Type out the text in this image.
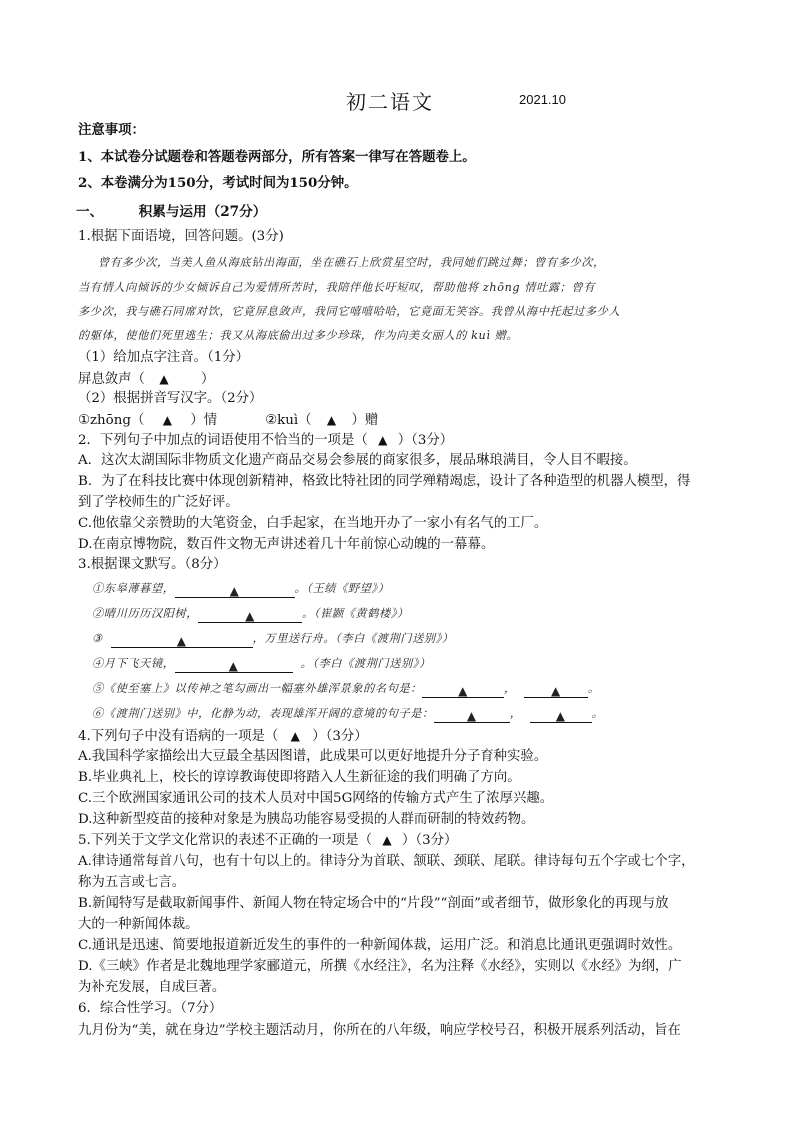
初二语文	2021.10
注意事项：
1、本试卷分试题卷和答题卷两部分，所有答案一律写在答题卷上。
2、本卷满分为150分，考试时间为150分钟。
一、	积累与运用（27分）
1.根据下面语境，回答问题。(3分)
曾有多少次，当美人鱼从海底钻出海面，坐在礁石上欣赏星空时，我同她们跳过舞；曾有多少次，
当有情人向倾诉的少女倾诉自己为爱情所苦时，我陪伴他长吁短叹，帮助他将 zhōng 情吐露；曾有
多少次，我与礁石同席对饮，它竟屏息敛声，我同它嘻嘻哈哈，它竟面无笑容。我曾从海中托起过多少人
的躯体，使他们死里逃生；我又从海底偷出过多少珍珠，作为向美女丽人的 kuì 赠。
（1）给加点字注音。（1分）
屏息敛声（ ▲ ）
（2）根据拼音写汉字。（2分）
①zhōng（ ▲ ）情	②kuì（ ▲ ）赠
2．下列句子中加点的词语使用不恰当的一项是（ ▲ ）（3分）
A．这次太湖国际非物质文化遗产商品交易会参展的商家很多，展品琳琅满目，令人目不暇接。
B．为了在科技比赛中体现创新精神，格致比特社团的同学殚精竭虑，设计了各种造型的机器人模型，得
到了学校师生的广泛好评。
C.他依靠父亲赞助的大笔资金，白手起家，在当地开办了一家小有名气的工厂。
D.在南京博物院，数百件文物无声讲述着几十年前惊心动魄的一幕幕。
3.根据课文默写。（8分）
①东皋薄暮望，	▲	。（王绩《野望》）
②晴川历历汉阳树，	▲	。（崔颢《黄鹤楼》）
③	▲	，万里送行舟。（李白《渡荆门送别》）
④月下飞天镜，	▲	。（李白《渡荆门送别》）
⑤《使至塞上》以传神之笔勾画出一幅塞外雄浑景象的名句是：	▲	，	▲ 。
⑥《渡荆门送别》中，化静为动，表现雄浑开阔的意境的句子是：	▲	，	▲ 。
4.下列句子中没有语病的一项是（ ▲ ）（3分）
A.我国科学家描绘出大豆最全基因图谱，此成果可以更好地提升分子育种实验。
B.毕业典礼上，校长的谆谆教诲使即将踏入人生新征途的我们明确了方向。
C.三个欧洲国家通讯公司的技术人员对中国5G网络的传输方式产生了浓厚兴趣。
D.这种新型疫苗的接种对象是为胰岛功能容易受损的人群而研制的特效药物。
5.下列关于文学文化常识的表述不正确的一项是（ ▲ ）（3分）
A.律诗通常每首八句，也有十句以上的。律诗分为首联、颔联、颈联、尾联。律诗每句五个字或七个字，
称为五言或七言。
B.新闻特写是截取新闻事件、新闻人物在特定场合中的“片段”“剖面”或者细节，做形象化的再现与放
大的一种新闻体裁。
C.通讯是迅速、简要地报道新近发生的事件的一种新闻体裁，运用广泛。和消息比通讯更强调时效性。
D.《三峡》作者是北魏地理学家郦道元，所撰《水经注》，名为注释《水经》，实则以《水经》为纲，广
为补充发展，自成巨著。
6．综合性学习。（7分）
九月份为“美，就在身边”学校主题活动月，你所在的八年级，响应学校号召，积极开展系列活动，旨在
